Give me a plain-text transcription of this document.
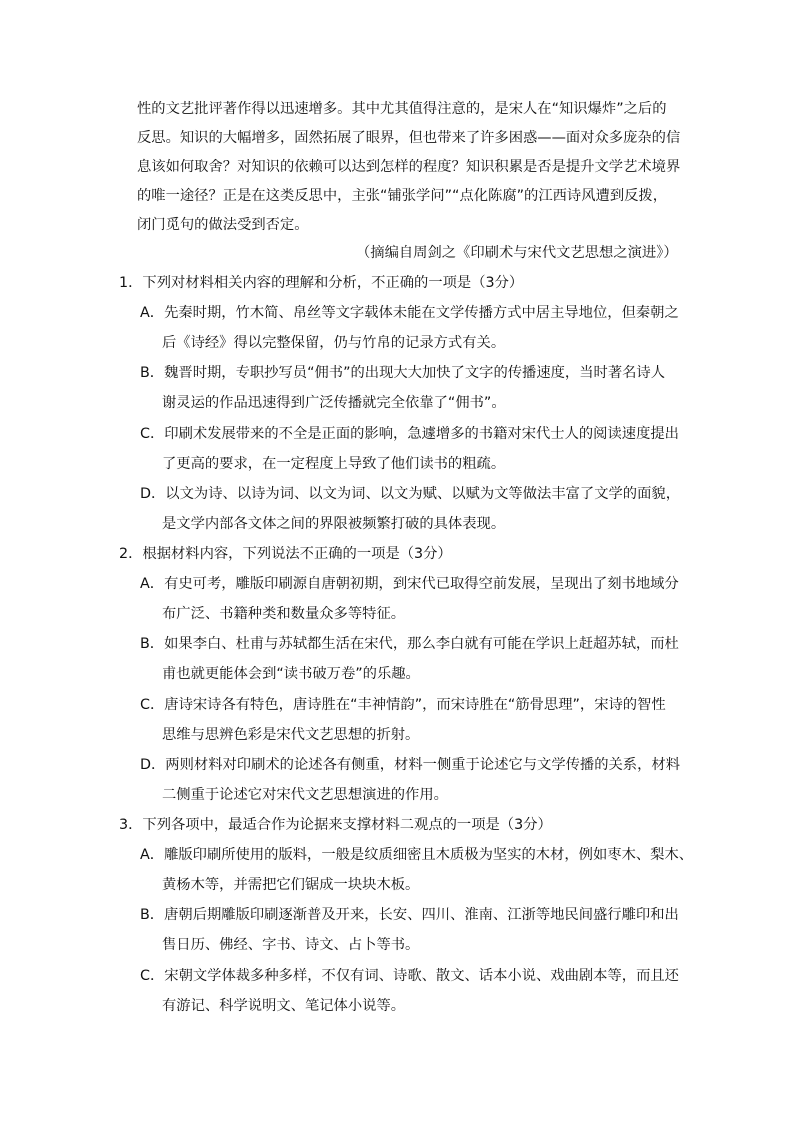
性的文艺批评著作得以迅速增多。其中尤其值得注意的，是宋人在“知识爆炸”之后的
反思。知识的大幅增多，固然拓展了眼界，但也带来了许多困惑——面对众多庞杂的信
息该如何取舍？对知识的依赖可以达到怎样的程度？知识积累是否是提升文学艺术境界
的唯一途径？正是在这类反思中，主张“铺张学问”“点化陈腐”的江西诗风遭到反拨，
闭门觅句的做法受到否定。
（摘编自周剑之《印刷术与宋代文艺思想之演进》）
1．下列对材料相关内容的理解和分析，不正确的一项是（3分）
A．先秦时期，竹木简、帛丝等文字载体未能在文学传播方式中居主导地位，但秦朝之
后《诗经》得以完整保留，仍与竹帛的记录方式有关。
B．魏晋时期，专职抄写员“佣书”的出现大大加快了文字的传播速度，当时著名诗人
谢灵运的作品迅速得到广泛传播就完全依靠了“佣书”。
C．印刷术发展带来的不全是正面的影响，急遽增多的书籍对宋代士人的阅读速度提出
了更高的要求，在一定程度上导致了他们读书的粗疏。
D．以文为诗、以诗为词、以文为词、以文为赋、以赋为文等做法丰富了文学的面貌，
是文学内部各文体之间的界限被频繁打破的具体表现。
2．根据材料内容，下列说法不正确的一项是（3分）
A．有史可考，雕版印刷源自唐朝初期，到宋代已取得空前发展，呈现出了刻书地域分
布广泛、书籍种类和数量众多等特征。
B．如果李白、杜甫与苏轼都生活在宋代，那么李白就有可能在学识上赶超苏轼，而杜
甫也就更能体会到“读书破万卷”的乐趣。
C．唐诗宋诗各有特色，唐诗胜在“丰神情韵”，而宋诗胜在“筋骨思理”，宋诗的智性
思维与思辨色彩是宋代文艺思想的折射。
D．两则材料对印刷术的论述各有侧重，材料一侧重于论述它与文学传播的关系，材料
二侧重于论述它对宋代文艺思想演进的作用。
3．下列各项中，最适合作为论据来支撑材料二观点的一项是（3分）
A．雕版印刷所使用的版料，一般是纹质细密且木质极为坚实的木材，例如枣木、梨木、
黄杨木等，并需把它们锯成一块块木板。
B．唐朝后期雕版印刷逐渐普及开来，长安、四川、淮南、江浙等地民间盛行雕印和出
售日历、佛经、字书、诗文、占卜等书。
C．宋朝文学体裁多种多样，不仅有词、诗歌、散文、话本小说、戏曲剧本等，而且还
有游记、科学说明文、笔记体小说等。
